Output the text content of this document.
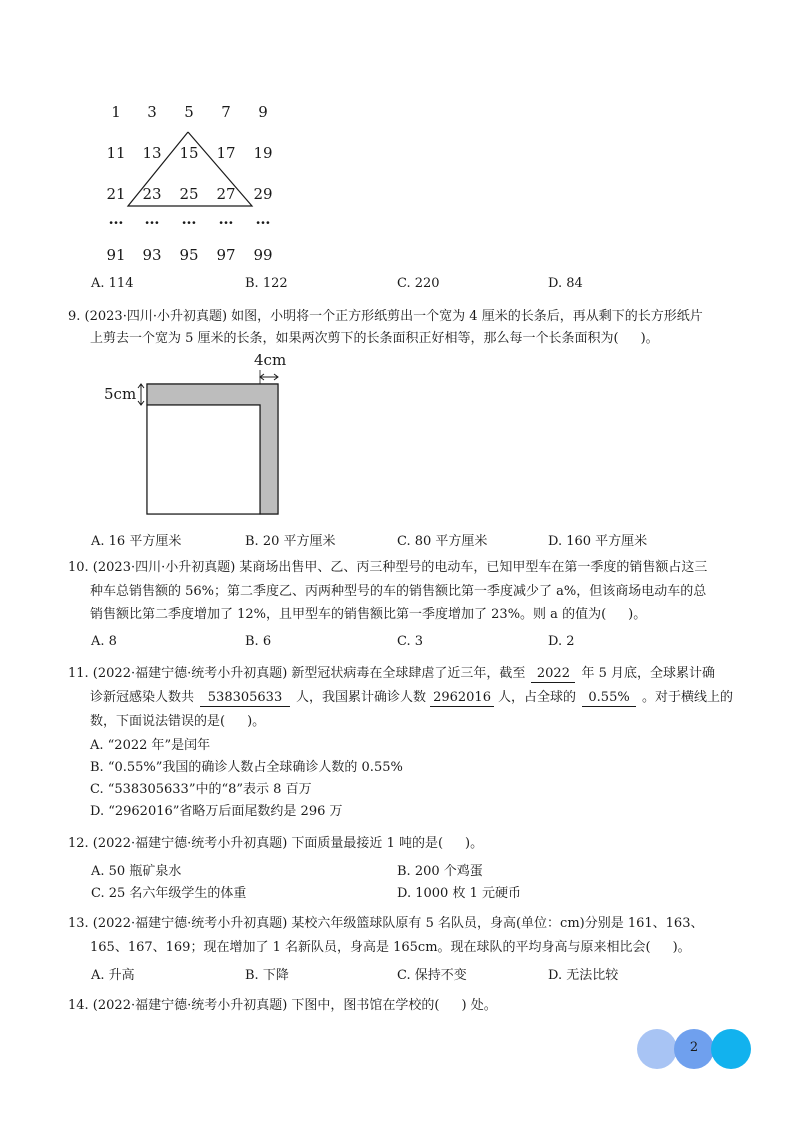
1	3	5	7	9
11	13	15	17	19
21	23	25	27	29
…	…	…	…	…
91	93	95	97	99
A. 114	B. 122	C. 220	D. 84
9. (2023·四川·小升初真题) 如图，小明将一个正方形纸剪出一个宽为 4 厘米的长条后，再从剩下的长方形纸片
上剪去一个宽为 5 厘米的长条，如果两次剪下的长条面积正好相等，那么每一个长条面积为( )。
4cm
5cm
A. 16 平方厘米	B. 20 平方厘米	C. 80 平方厘米	D. 160 平方厘米
10. (2023·四川·小升初真题) 某商场出售甲、乙、丙三种型号的电动车，已知甲型车在第一季度的销售额占这三
种车总销售额的 56%；第二季度乙、丙两种型号的车的销售额比第一季度减少了 a%，但该商场电动车的总
销售额比第二季度增加了 12%，且甲型车的销售额比第一季度增加了 23%。则 a 的值为( )。
A. 8	B. 6	C. 3	D. 2
11. (2022·福建宁德·统考小升初真题) 新型冠状病毒在全球肆虐了近三年，截至 2022 年 5 月底，全球累计确
诊新冠感染人数共 538305633 人，我国累计确诊人数 2962016 人，占全球的 0.55% 。对于横线上的
数，下面说法错误的是( )。
A. “2022 年”是闰年
B. “0.55%”我国的确诊人数占全球确诊人数的 0.55%
C. “538305633”中的“8”表示 8 百万
D. “2962016”省略万后面尾数约是 296 万
12. (2022·福建宁德·统考小升初真题) 下面质量最接近 1 吨的是( )。
A. 50 瓶矿泉水	B. 200 个鸡蛋
C. 25 名六年级学生的体重	D. 1000 枚 1 元硬币
13. (2022·福建宁德·统考小升初真题) 某校六年级篮球队原有 5 名队员，身高(单位：cm)分别是 161、163、
165、167、169；现在增加了 1 名新队员，身高是 165cm。现在球队的平均身高与原来相比会( )。
A. 升高	B. 下降	C. 保持不变	D. 无法比较
14. (2022·福建宁德·统考小升初真题) 下图中，图书馆在学校的( ) 处。
2
